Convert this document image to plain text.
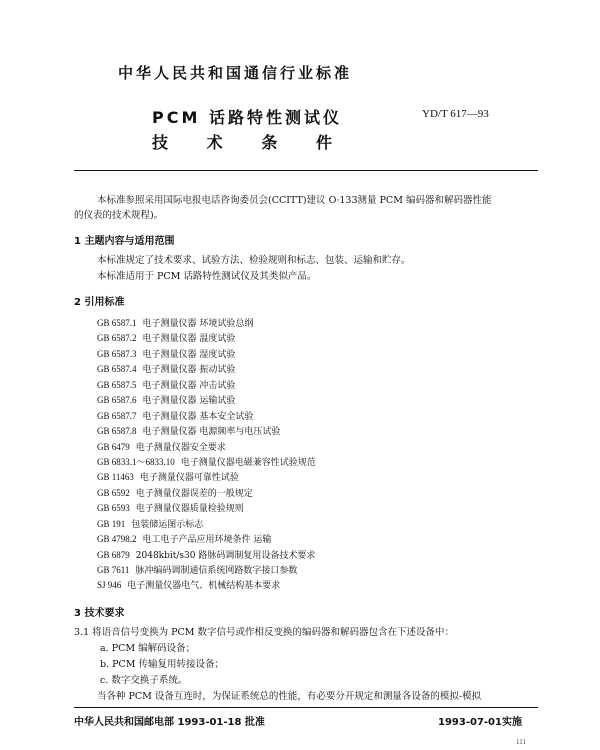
中华人民共和国通信行业标准
PCM 话路特性测试仪
技 术 条 件
YD/T 617—93
本标准参照采用国际电报电话咨询委员会(CCITT)建议 O·133测量 PCM 编码器和解码器性能
的仪表的技术规程)。
1 主题内容与适用范围
本标准规定了技术要求、试验方法、检验规则和标志、包装、运输和贮存。
本标准适用于 PCM 话路特性测试仪及其类似产品。
2 引用标准
GB 6587.1 电子测量仪器 环境试验总纲
GB 6587.2 电子测量仪器 温度试验
GB 6587.3 电子测量仪器 湿度试验
GB 6587.4 电子测量仪器 振动试验
GB 6587.5 电子测量仪器 冲击试验
GB 6587.6 电子测量仪器 运输试验
GB 6587.7 电子测量仪器 基本安全试验
GB 6587.8 电子测量仪器 电源频率与电压试验
GB 6479 电子测量仪器安全要求
GB 6833.1～6833.10 电子测量仪器电磁兼容性试验规范
GB 11463 电子测量仪器可靠性试验
GB 6592 电子测量仪器误差的一般规定
GB 6593 电子测量仪器质量检验规则
GB 191 包装储运图示标志
GB 4798.2 电工电子产品应用环境条件 运输
GB 6879 2048kbit/s30 路脉码调制复用设备技术要求
GB 7611 脉冲编码调制通信系统网路数字接口参数
SJ 946 电子测量仪器电气、机械结构基本要求
3 技术要求
3.1 将语音信号变换为 PCM 数字信号或作相反变换的编码器和解码器包含在下述设备中：
a. PCM 编解码设备；
b. PCM 传输复用转接设备；
c. 数字交换子系统。
当各种 PCM 设备互连时，为保证系统总的性能，有必要分开规定和测量各设备的模拟-模拟
中华人民共和国邮电部 1993-01-18 批准	1993-07-01实施
111
